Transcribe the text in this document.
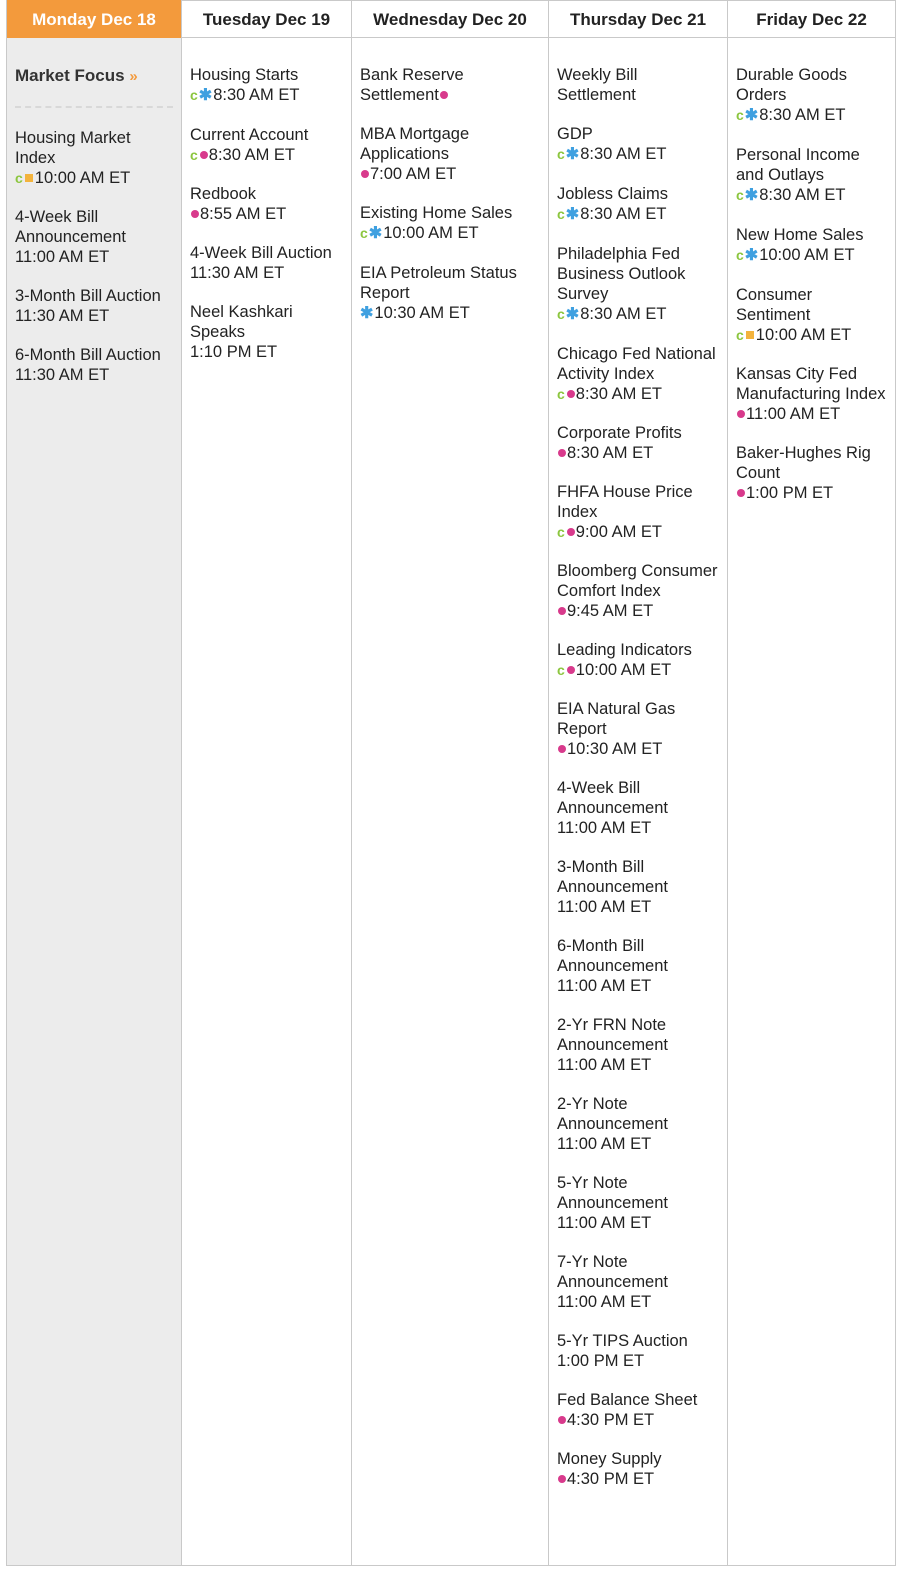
Monday Dec 18
Market Focus »
Housing Market Index
c 10:00 AM ET
4-Week Bill Announcement
11:00 AM ET
3-Month Bill Auction
11:30 AM ET
6-Month Bill Auction
11:30 AM ET
Tuesday Dec 19
Housing Starts
c✱8:30 AM ET
Current Account
c 8:30 AM ET
Redbook
8:55 AM ET
4-Week Bill Auction
11:30 AM ET
Neel Kashkari Speaks
1:10 PM ET
Wednesday Dec 20
Bank Reserve Settlement
MBA Mortgage Applications
7:00 AM ET
Existing Home Sales
c✱10:00 AM ET
EIA Petroleum Status Report
✱10:30 AM ET
Thursday Dec 21
Weekly Bill Settlement
GDP
c✱8:30 AM ET
Jobless Claims
c✱8:30 AM ET
Philadelphia Fed Business Outlook Survey
c✱8:30 AM ET
Chicago Fed National Activity Index
c 8:30 AM ET
Corporate Profits
8:30 AM ET
FHFA House Price Index
c 9:00 AM ET
Bloomberg Consumer Comfort Index
9:45 AM ET
Leading Indicators
c 10:00 AM ET
EIA Natural Gas Report
10:30 AM ET
4-Week Bill Announcement
11:00 AM ET
3-Month Bill Announcement
11:00 AM ET
6-Month Bill Announcement
11:00 AM ET
2-Yr FRN Note Announcement
11:00 AM ET
2-Yr Note Announcement
11:00 AM ET
5-Yr Note Announcement
11:00 AM ET
7-Yr Note Announcement
11:00 AM ET
5-Yr TIPS Auction
1:00 PM ET
Fed Balance Sheet
4:30 PM ET
Money Supply
4:30 PM ET
Friday Dec 22
Durable Goods Orders
c✱8:30 AM ET
Personal Income and Outlays
c✱8:30 AM ET
New Home Sales
c✱10:00 AM ET
Consumer Sentiment
c 10:00 AM ET
Kansas City Fed Manufacturing Index
11:00 AM ET
Baker-Hughes Rig Count
1:00 PM ET
